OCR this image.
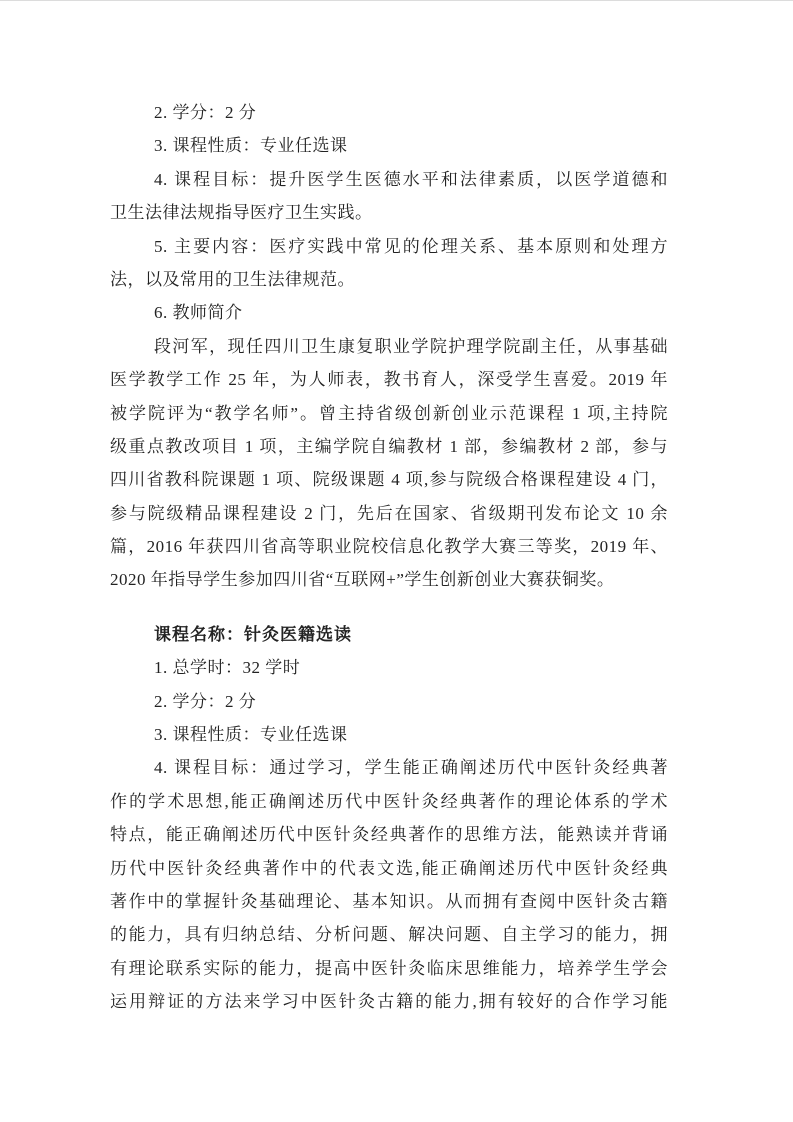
2. 学分：2 分
3. 课程性质：专业任选课
4. 课程目标：提升医学生医德水平和法律素质，以医学道德和
卫生法律法规指导医疗卫生实践。
5. 主要内容：医疗实践中常见的伦理关系、基本原则和处理方
法，以及常用的卫生法律规范。
6. 教师简介
段河军，现任四川卫生康复职业学院护理学院副主任，从事基础
医学教学工作 25 年，为人师表，教书育人，深受学生喜爱。2019 年
被学院评为“教学名师”。曾主持省级创新创业示范课程 1 项,主持院
级重点教改项目 1 项，主编学院自编教材 1 部，参编教材 2 部，参与
四川省教科院课题 1 项、院级课题 4 项,参与院级合格课程建设 4 门，
参与院级精品课程建设 2 门，先后在国家、省级期刊发布论文 10 余
篇，2016 年获四川省高等职业院校信息化教学大赛三等奖，2019 年、
2020 年指导学生参加四川省“互联网+”学生创新创业大赛获铜奖。
课程名称：针灸医籍选读
1. 总学时：32 学时
2. 学分：2 分
3. 课程性质：专业任选课
4. 课程目标：通过学习，学生能正确阐述历代中医针灸经典著
作的学术思想,能正确阐述历代中医针灸经典著作的理论体系的学术
特点，能正确阐述历代中医针灸经典著作的思维方法，能熟读并背诵
历代中医针灸经典著作中的代表文选,能正确阐述历代中医针灸经典
著作中的掌握针灸基础理论、基本知识。从而拥有查阅中医针灸古籍
的能力，具有归纳总结、分析问题、解决问题、自主学习的能力，拥
有理论联系实际的能力，提高中医针灸临床思维能力，培养学生学会
运用辩证的方法来学习中医针灸古籍的能力,拥有较好的合作学习能
